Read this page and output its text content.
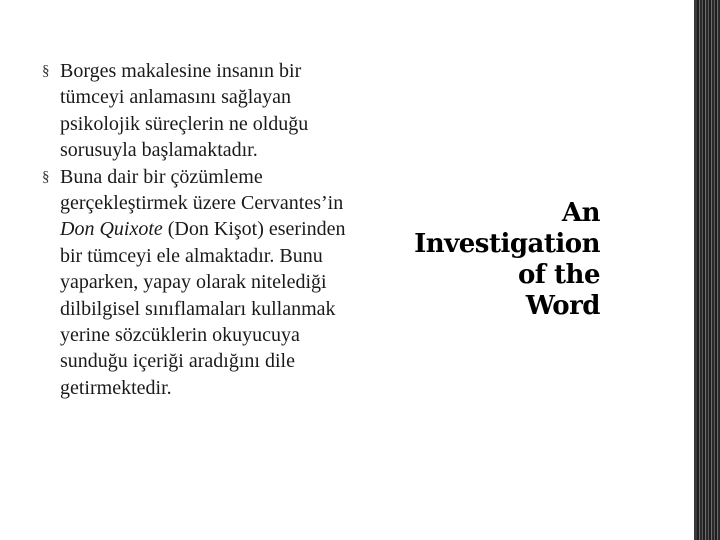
§ Borges makalesine insanın bir
tümceyi anlamasını sağlayan
psikolojik süreçlerin ne olduğu
sorusuyla başlamaktadır.
§ Buna dair bir çözümleme
gerçekleştirmek üzere Cervantes’in
Don Quixote (Don Kişot) eserinden
bir tümceyi ele almaktadır. Bunu
yaparken, yapay olarak nitelediği
dilbilgisel sınıflamaları kullanmak
yerine sözcüklerin okuyucuya
sunduğu içeriği aradığını dile
getirmektedir.
An
Investigation
of the
Word
